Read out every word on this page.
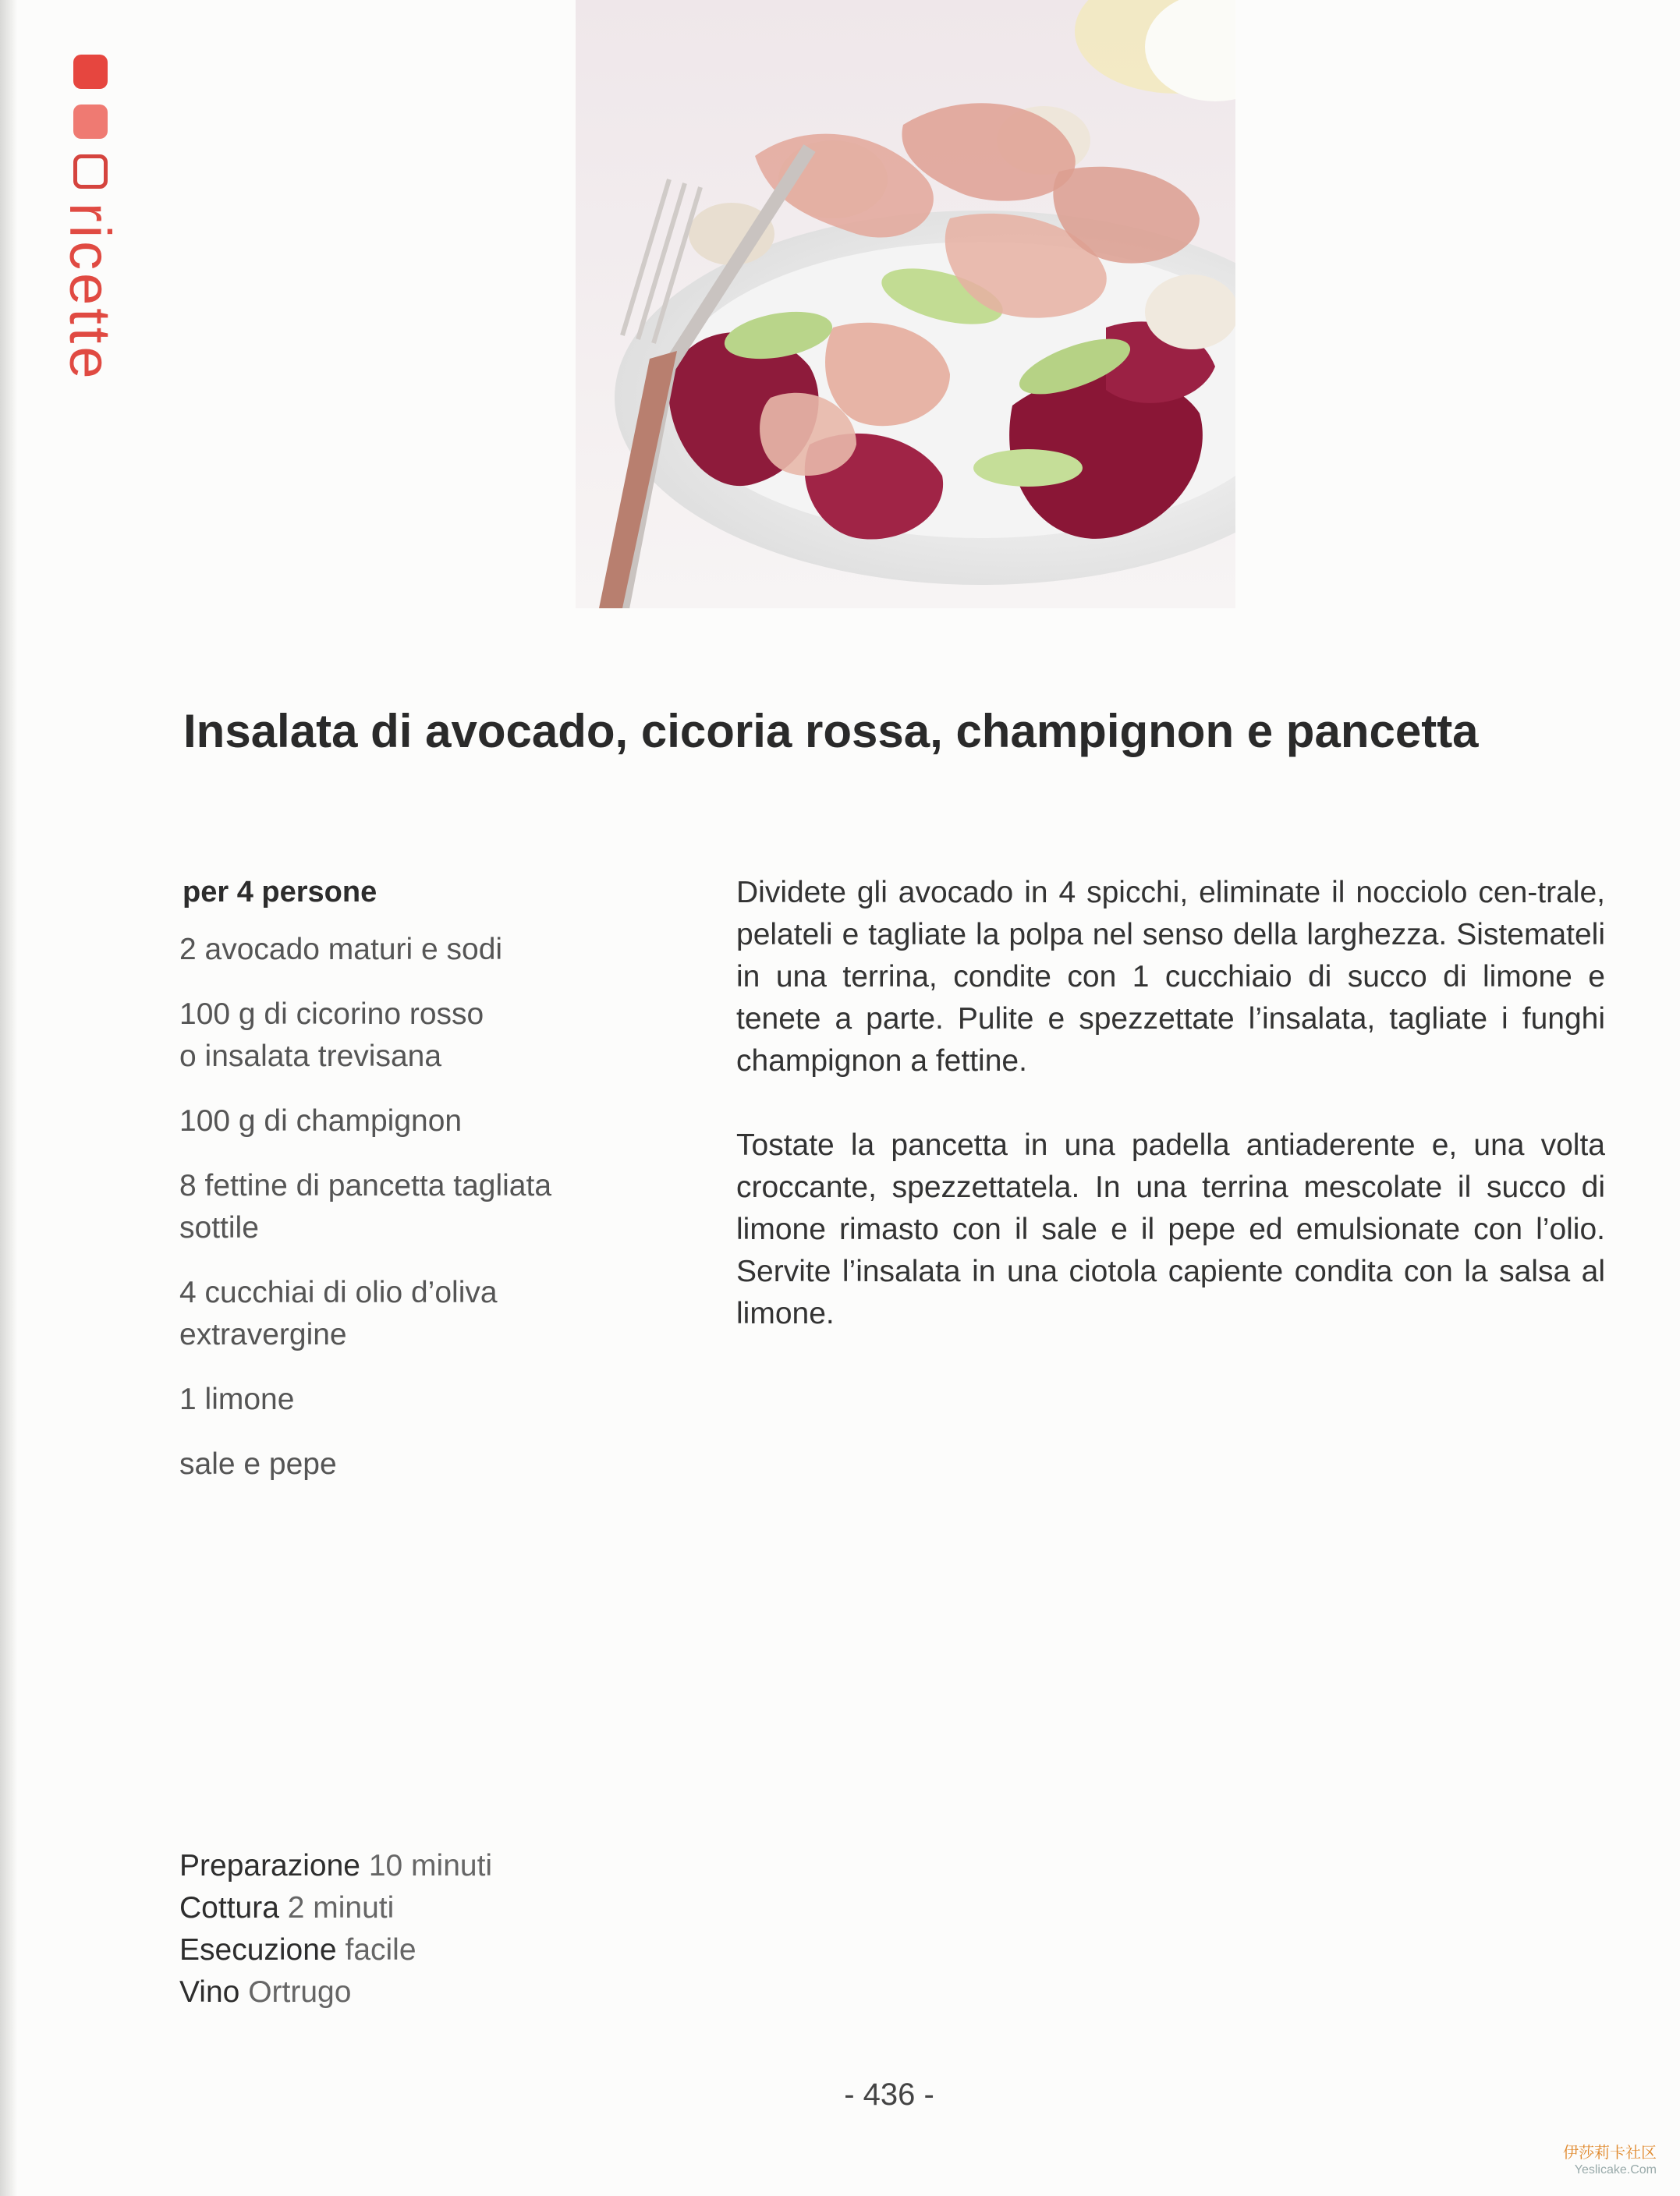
ricette
Insalata di avocado, cicoria rossa, champignon e pancetta
per 4 persone
2 avocado maturi e sodi
100 g di cicorino rosso
o insalata trevisana
100 g di champignon
8 fettine di pancetta tagliata
sottile
4 cucchiai di olio d’oliva
extravergine
1 limone
sale e pepe

Dividete gli avocado in 4 spicchi, eliminate il nocciolo cen-trale, pelateli e tagliate la polpa nel senso della larghezza. Sistemateli in una terrina, condite con 1 cucchiaio di succo di limone e tenete a parte. Pulite e spezzettate l’insalata, tagliate i funghi champignon a fettine.

Tostate la pancetta in una padella antiaderente e, una volta croccante, spezzettatela. In una terrina mescolate il succo di limone rimasto con il sale e il pepe ed emulsionate con l’olio. Servite l’insalata in una ciotola capiente condita con la salsa al limone.

Preparazione 10 minuti
Cottura 2 minuti
Esecuzione facile
Vino Ortrugo
- 436 -
伊莎莉卡社区
Yeslicake.Com
